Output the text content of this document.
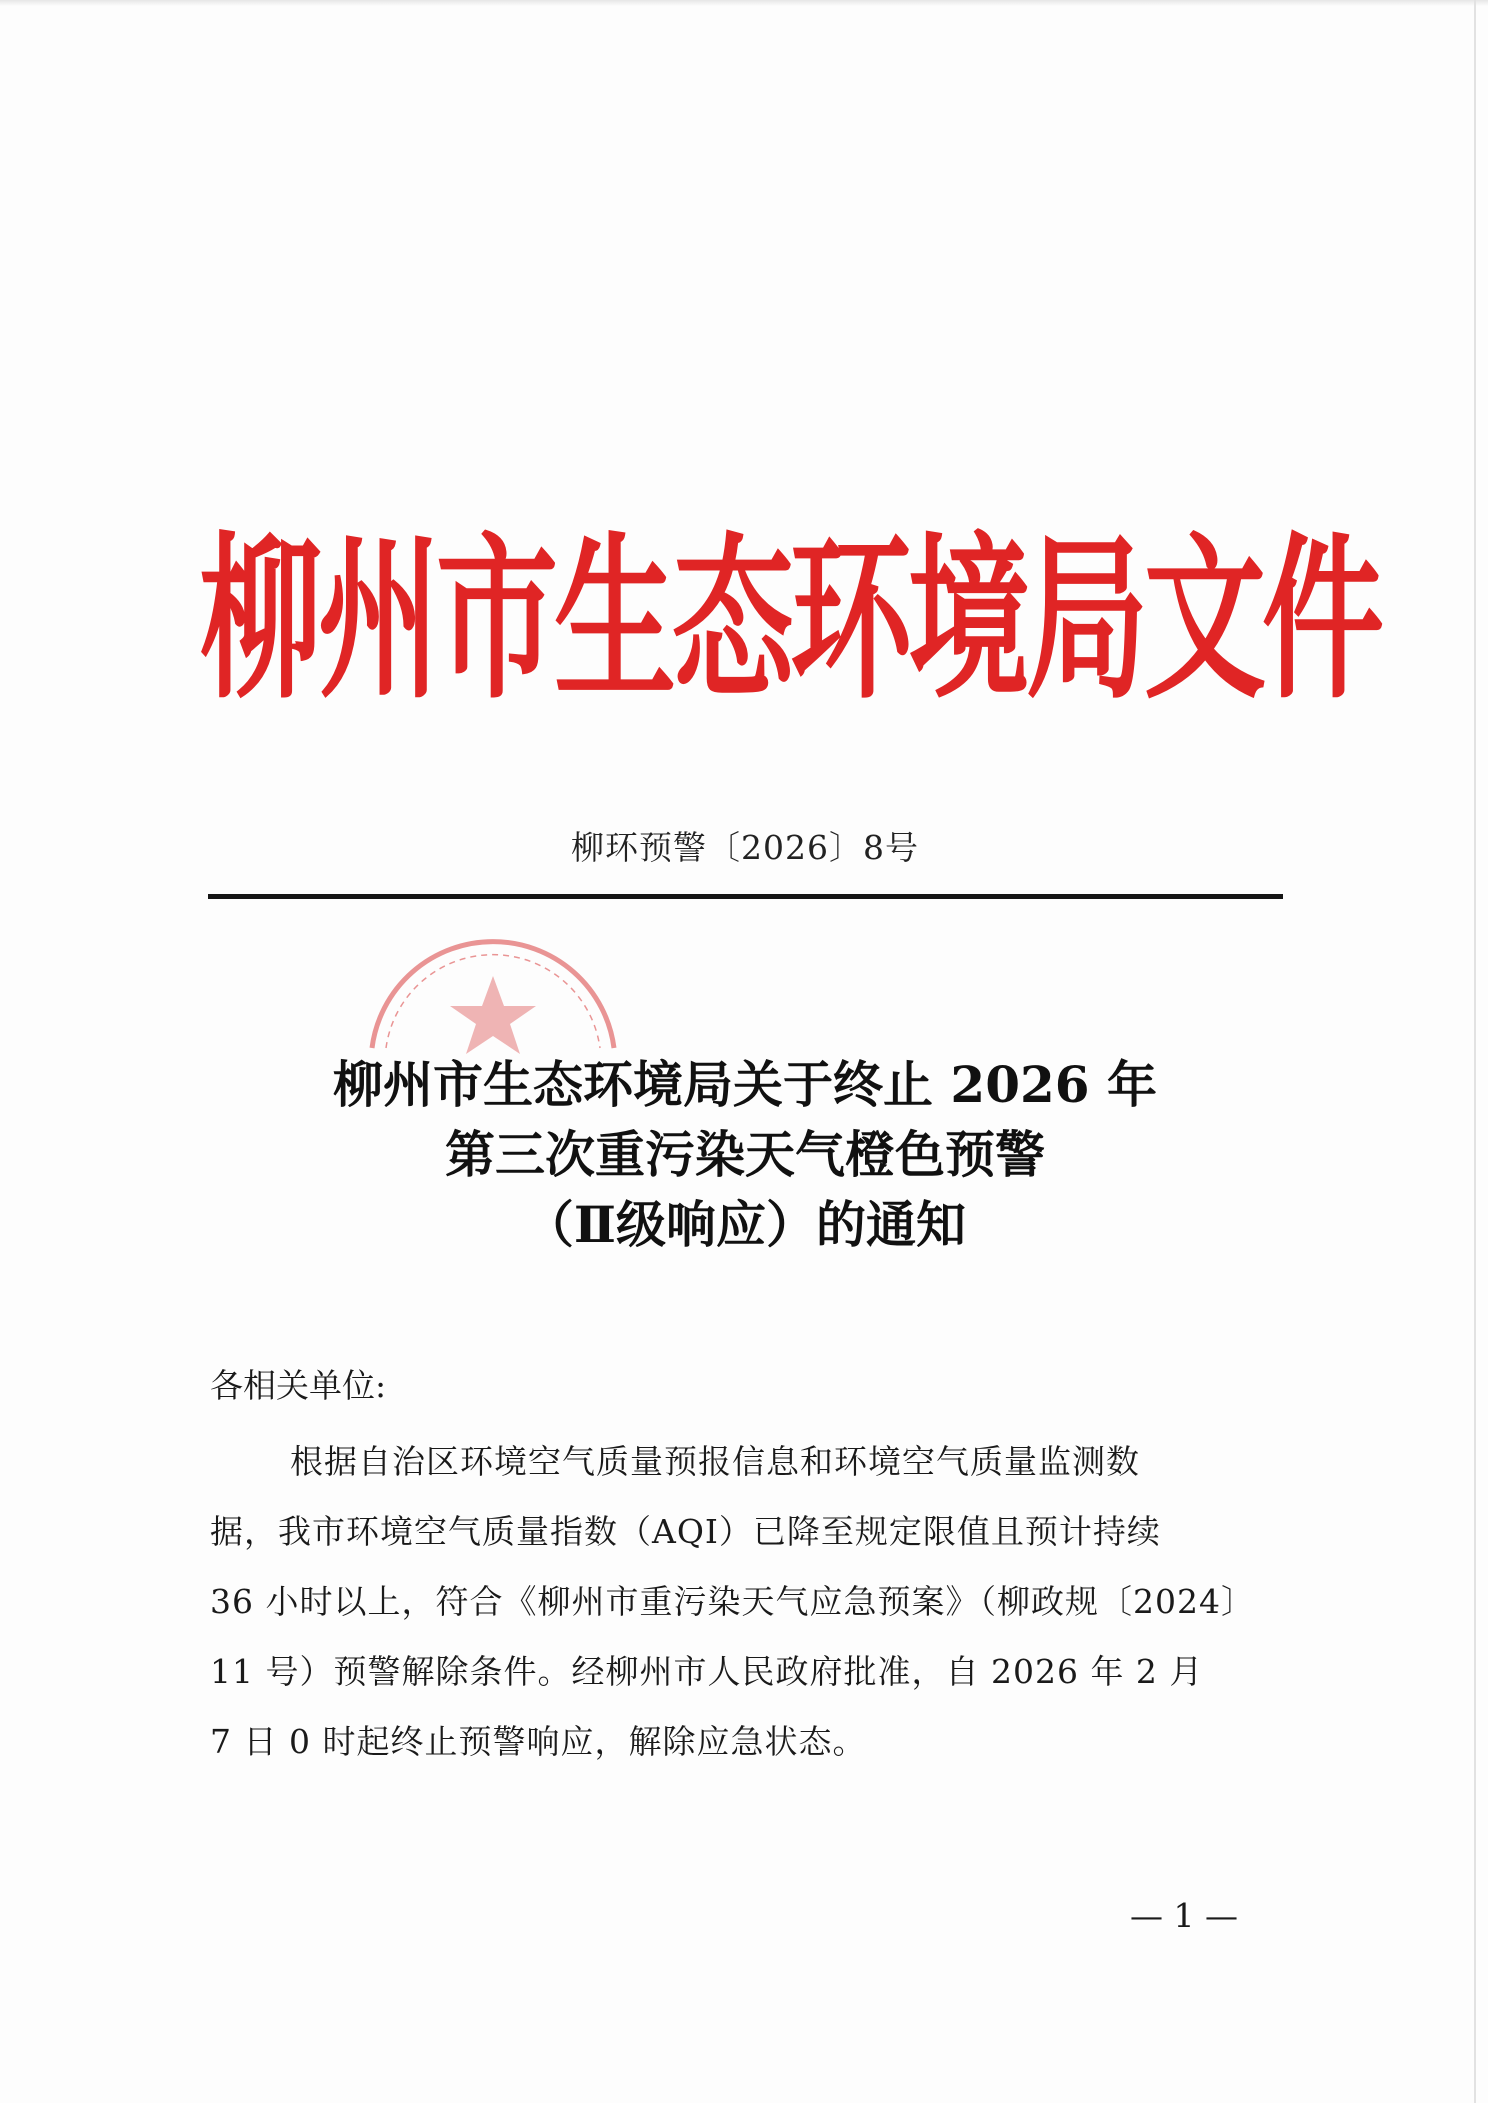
柳州市生态环境局文件
柳环预警〔2026〕8号
柳州市生态环境局关于终止 2026 年
第三次重污染天气橙色预警
（Ⅱ级响应）的通知
各相关单位:
根据自治区环境空气质量预报信息和环境空气质量监测数
据，我市环境空气质量指数（AQI）已降至规定限值且预计持续
36 小时以上，符合《柳州市重污染天气应急预案》（柳政规〔2024〕
11 号）预警解除条件。经柳州市人民政府批准，自 2026 年 2 月
7 日 0 时起终止预警响应，解除应急状态。
— 1 —
